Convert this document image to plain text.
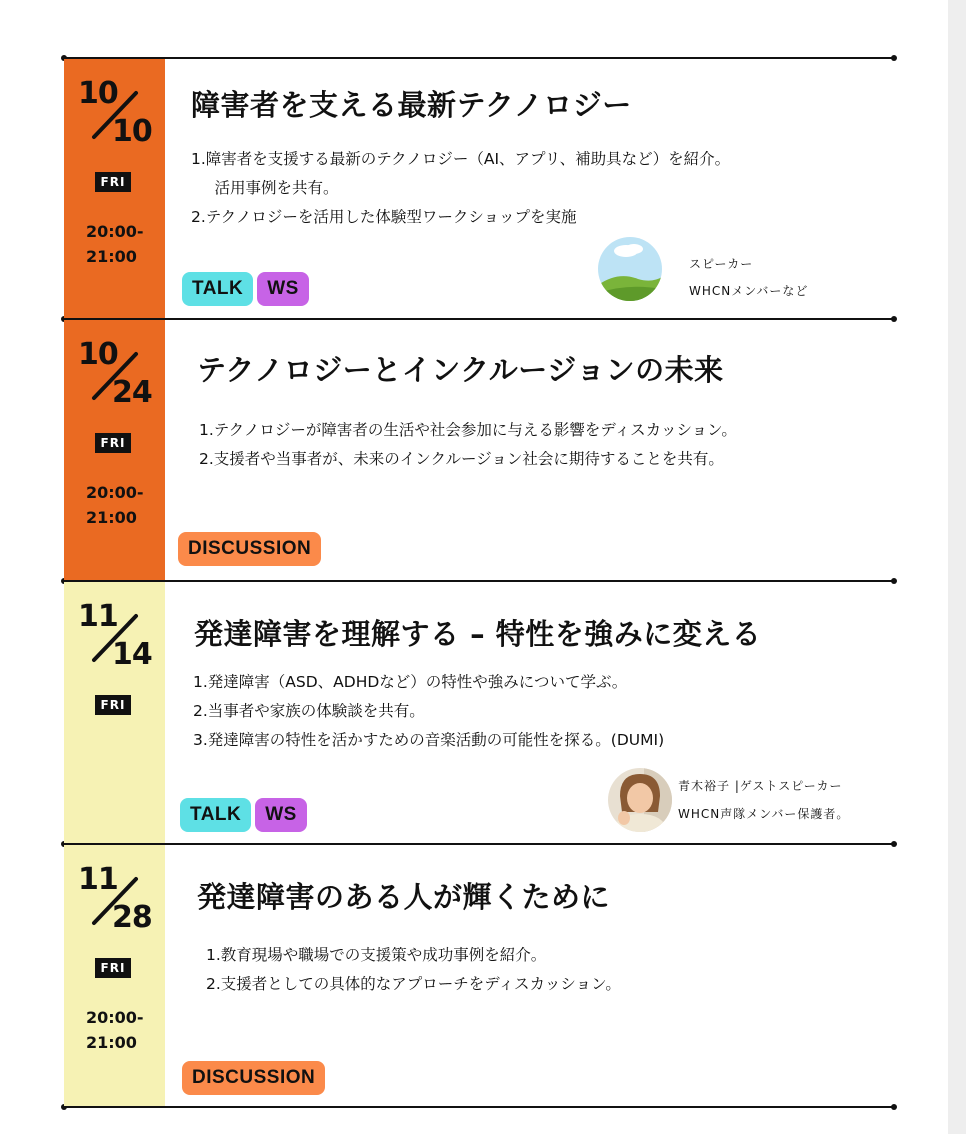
10
10
FRI
20:00-
21:00
障害者を支える最新テクノロジー
1.障害者を支援する最新のテクノロジー（AI、アプリ、補助具など）を紹介。
　活用事例を共有。
2.テクノロジーを活用した体験型ワークショップを実施
TALK	WS
スピーカー
WHCNメンバーなど
10
24
FRI
20:00-
21:00
テクノロジーとインクルージョンの未来
1.テクノロジーが障害者の生活や社会参加に与える影響をディスカッション。
2.支援者や当事者が、未来のインクルージョン社会に期待することを共有。
DISCUSSION
11
14
FRI
発達障害を理解する – 特性を強みに変える
1.発達障害（ASD、ADHDなど）の特性や強みについて学ぶ。
2.当事者や家族の体験談を共有。
3.発達障害の特性を活かすための音楽活動の可能性を探る。(DUMI)
TALK	WS
青木裕子 |ゲストスピーカー
WHCN声隊メンバー保護者。
11
28
FRI
20:00-
21:00
発達障害のある人が輝くために
1.教育現場や職場での支援策や成功事例を紹介。
2.支援者としての具体的なアプローチをディスカッション。
DISCUSSION
